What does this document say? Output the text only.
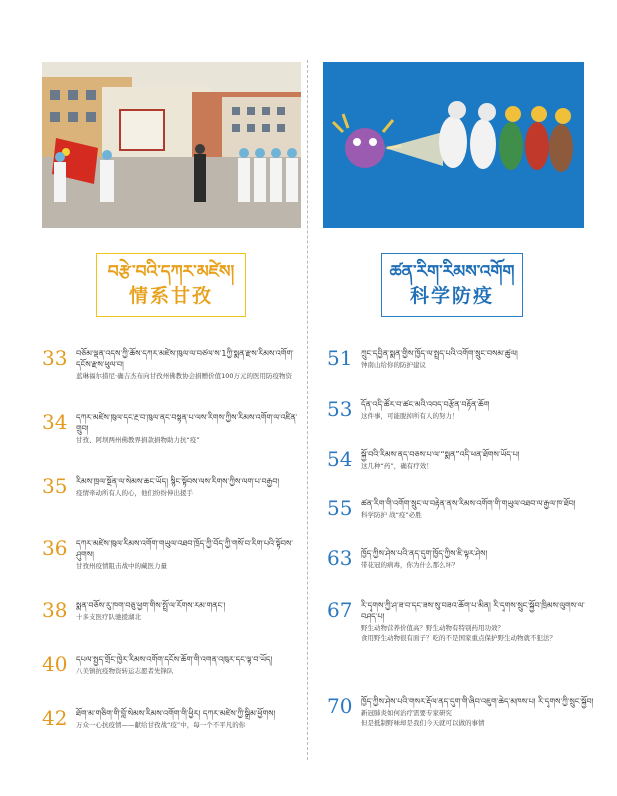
བརྩེ་བའི་དཀར་མཛེས།
情系甘孜
ཚན་རིག་རིམས་འགོག
科学防疫
33 བཅོམ་ལྡན་འདས་ཀྱི་ཆོས་དཀར་མཛེས་ཁུལ་ལ་བཙལ་ས་1ཀྱི་སྨན་རྫས་རིམས་འགོག་དངོས་རྫས་ཕུལ་བ།
蓝琳福尔措尼·确吉杰布向甘孜州佛教协会捐赠价值100万元的医用防疫物资
34 དཀར་མཛེས་ཁུལ་དང་རྔ་བ་ཁུལ་ནང་བསྟན་པ་ལས་རིགས་ཀྱིས་རིམས་འགོག་ལ་འཛིན་གྲུབ།
甘孜、阿坝两州佛教界捐款捐物助力抗“疫”
35 རིམས་ཁྲལ་སྔོན་ལ་སེམས་ཆང་ཡོད། སྙིང་སྟོབས་ལས་རིགས་ཀྱིས་ལག་པ་བརྒྱབ།
疫情牵动所有人的心，他们纷纷伸出援手
36 དཀར་མཛེས་ཁུལ་རིམས་འགོག་གཡུལ་འཐབ་ཁྲོད་ཀྱི་བོད་ཀྱི་གསོ་བ་རིག་པའི་སྟོབས་ཤུགས།
甘孜州疫情阻击战中的藏医力量
38 སྨན་བཅོས་རུ་ཁག་བཅུ་ཕྱག་གིས་སྤྲོ་ལ་རོགས་རམ་གནང་།
十多支医疗队驰援湖北
40 དཔལ་སྤྱད་གྲོང་ཁྱེར་རིམས་འགོག་དངོས་ཆོག་གི་འགན་འཁུར་དང་ལྟ་བ་ཡོད།
八美镇抗疫物资转运志愿者先锋队
42 ཐོག་མ་གཅིག་གི་བློ་སེམས་རིམས་འགོག་གི་ཕྱིར། དཀར་མཛེས་ཀྱི་སྒྲིམ་ཕྱོགས།
万众一心抗疫情——献给甘孜战“疫”中，每一个不平凡的你
51 ཀྲུང་དབྱིན་སྨན་གྱིས་ཁྱོད་ལ་སྤྲད་པའི་འགོག་སྲུང་བསམ་ཚུལ།
钟南山给你的防护建议
53 དོན་འདི་ཚོར་བ་ཚང་མའི་འབད་བརྩོན་བརྟོན་ཆོག
这件事，可能脱掉所有人的努力！
54 སྐྱོ་བའི་རིམས་ནད་བཅས་པ་ལ་“སྨན”འདི་ཕན་ཐོགས་ཡོད་པ།
这几种“药”，确有疗效！
55 ཚན་རིག་གི་འགོག་སྲུང་ལ་བརྟེན་ནས་རིམས་འགོག་གི་གཡུལ་འཐབ་ལ་རྒྱལ་ཁ་ཐོབ།
科学防护 战“疫”必胜
63 ཁྱོད་ཀྱིས་ཤེས་པའི་ནད་དུག་ཁྱོད་ཀྱིས་ཇི་ལྟར་ཤེས།
带花冠的病毒，你为什么那么坏？
67 རི་དྭགས་ཀྱི་ཤ་ཟ་བ་དང་ཟས་སུ་བཟའ་ཆོག་པ་མིན། རི་དྭགས་སྲུང་སྐྱོབ་ཁྲིམས་ལུགས་ལ་བཤད་པ།
野生动物营养价值高？野生动物有特别药用功效？
食用野生动物很有面子？吃的不是国家重点保护野生动物就不犯法？
70 ཁྱོད་ཀྱིས་ཤེས་པའི་གསར་རྡོལ་ནད་དུག་གི་ཞིབ་འཇུག་ཆེད་མཁས་པ། རི་དྭགས་ཀྱི་སྲུང་སྐྱོབ།
新冠肺炎如何治疗需要专家研究
但是抵制野味却是我们今天就可以做的事情
